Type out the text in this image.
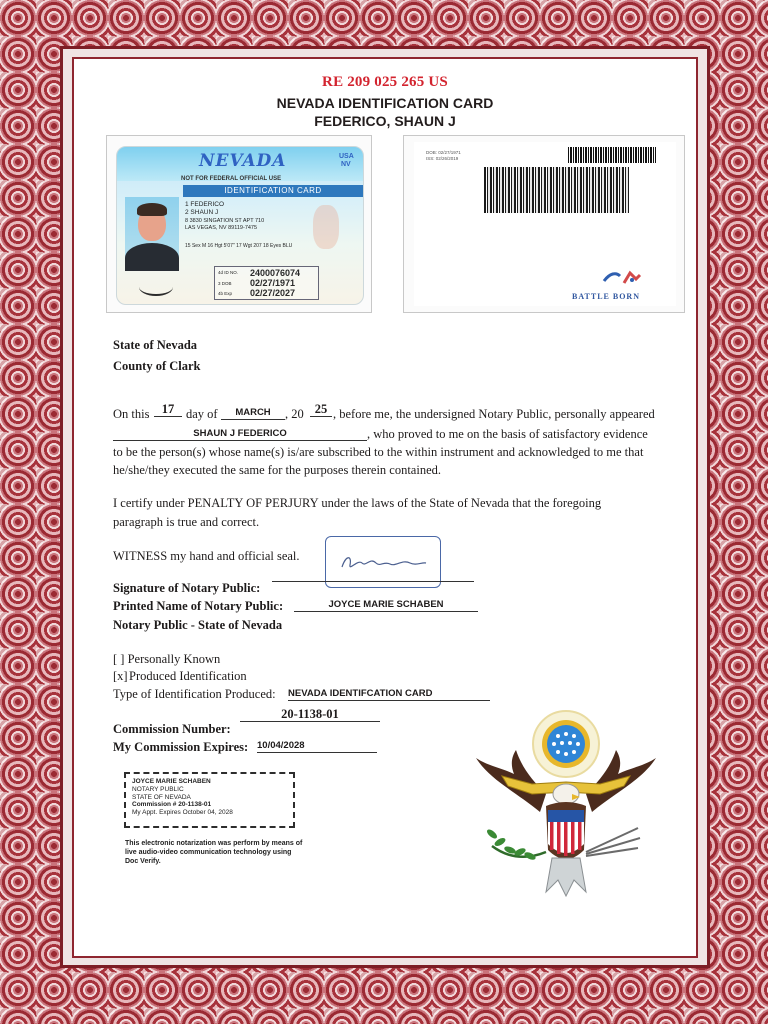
RE 209 025 265 US
NEVADA IDENTIFICATION CARD
FEDERICO, SHAUN J
NEVADA	USA
NV
NOT FOR FEDERAL OFFICIAL USE
IDENTIFICATION CARD
1 FEDERICO
2 SHAUN J
8 3830 SINGATION ST APT 710
LAS VEGAS, NV 89119-7475
15 Sex M 16 Hgt 5'07" 17 Wgt 207 18 Eyes BLU
4d ID NO. 2400076074
3 DOB 02/27/1971
4b Exp 02/27/2027
DOB: 02/27/1971
ISS: 02/26/2019
BATTLE BORN
State of Nevada
County of Clark
On this 17 day of	MARCH	, 20 25 , before me, the undersigned Notary Public, personally appeared
SHAUN J FEDERICO	, who proved to me on the basis of satisfactory evidence
to be the person(s) whose name(s) is/are subscribed to the within instrument and acknowledged to me that
he/she/they executed the same for the purposes therein contained.
I certify under PENALTY OF PERJURY under the laws of the State of Nevada that the foregoing
paragraph is true and correct.
WITNESS my hand and official seal.
Signature of Notary Public:
Printed Name of Notary Public:	JOYCE MARIE SCHABEN
Notary Public - State of Nevada
[ ] Personally Known
[x] Produced Identification
Type of Identification Produced: NEVADA IDENTIFCATION CARD
Commission Number:
20-1138-01
My Commission Expires: 10/04/2028
JOYCE MARIE SCHABEN
NOTARY PUBLIC
STATE OF NEVADA
Commission # 20-1138-01
My Appt. Expires October 04, 2028
This electronic notarization was perform by means of live audio-video communication technology using Doc Verify.
